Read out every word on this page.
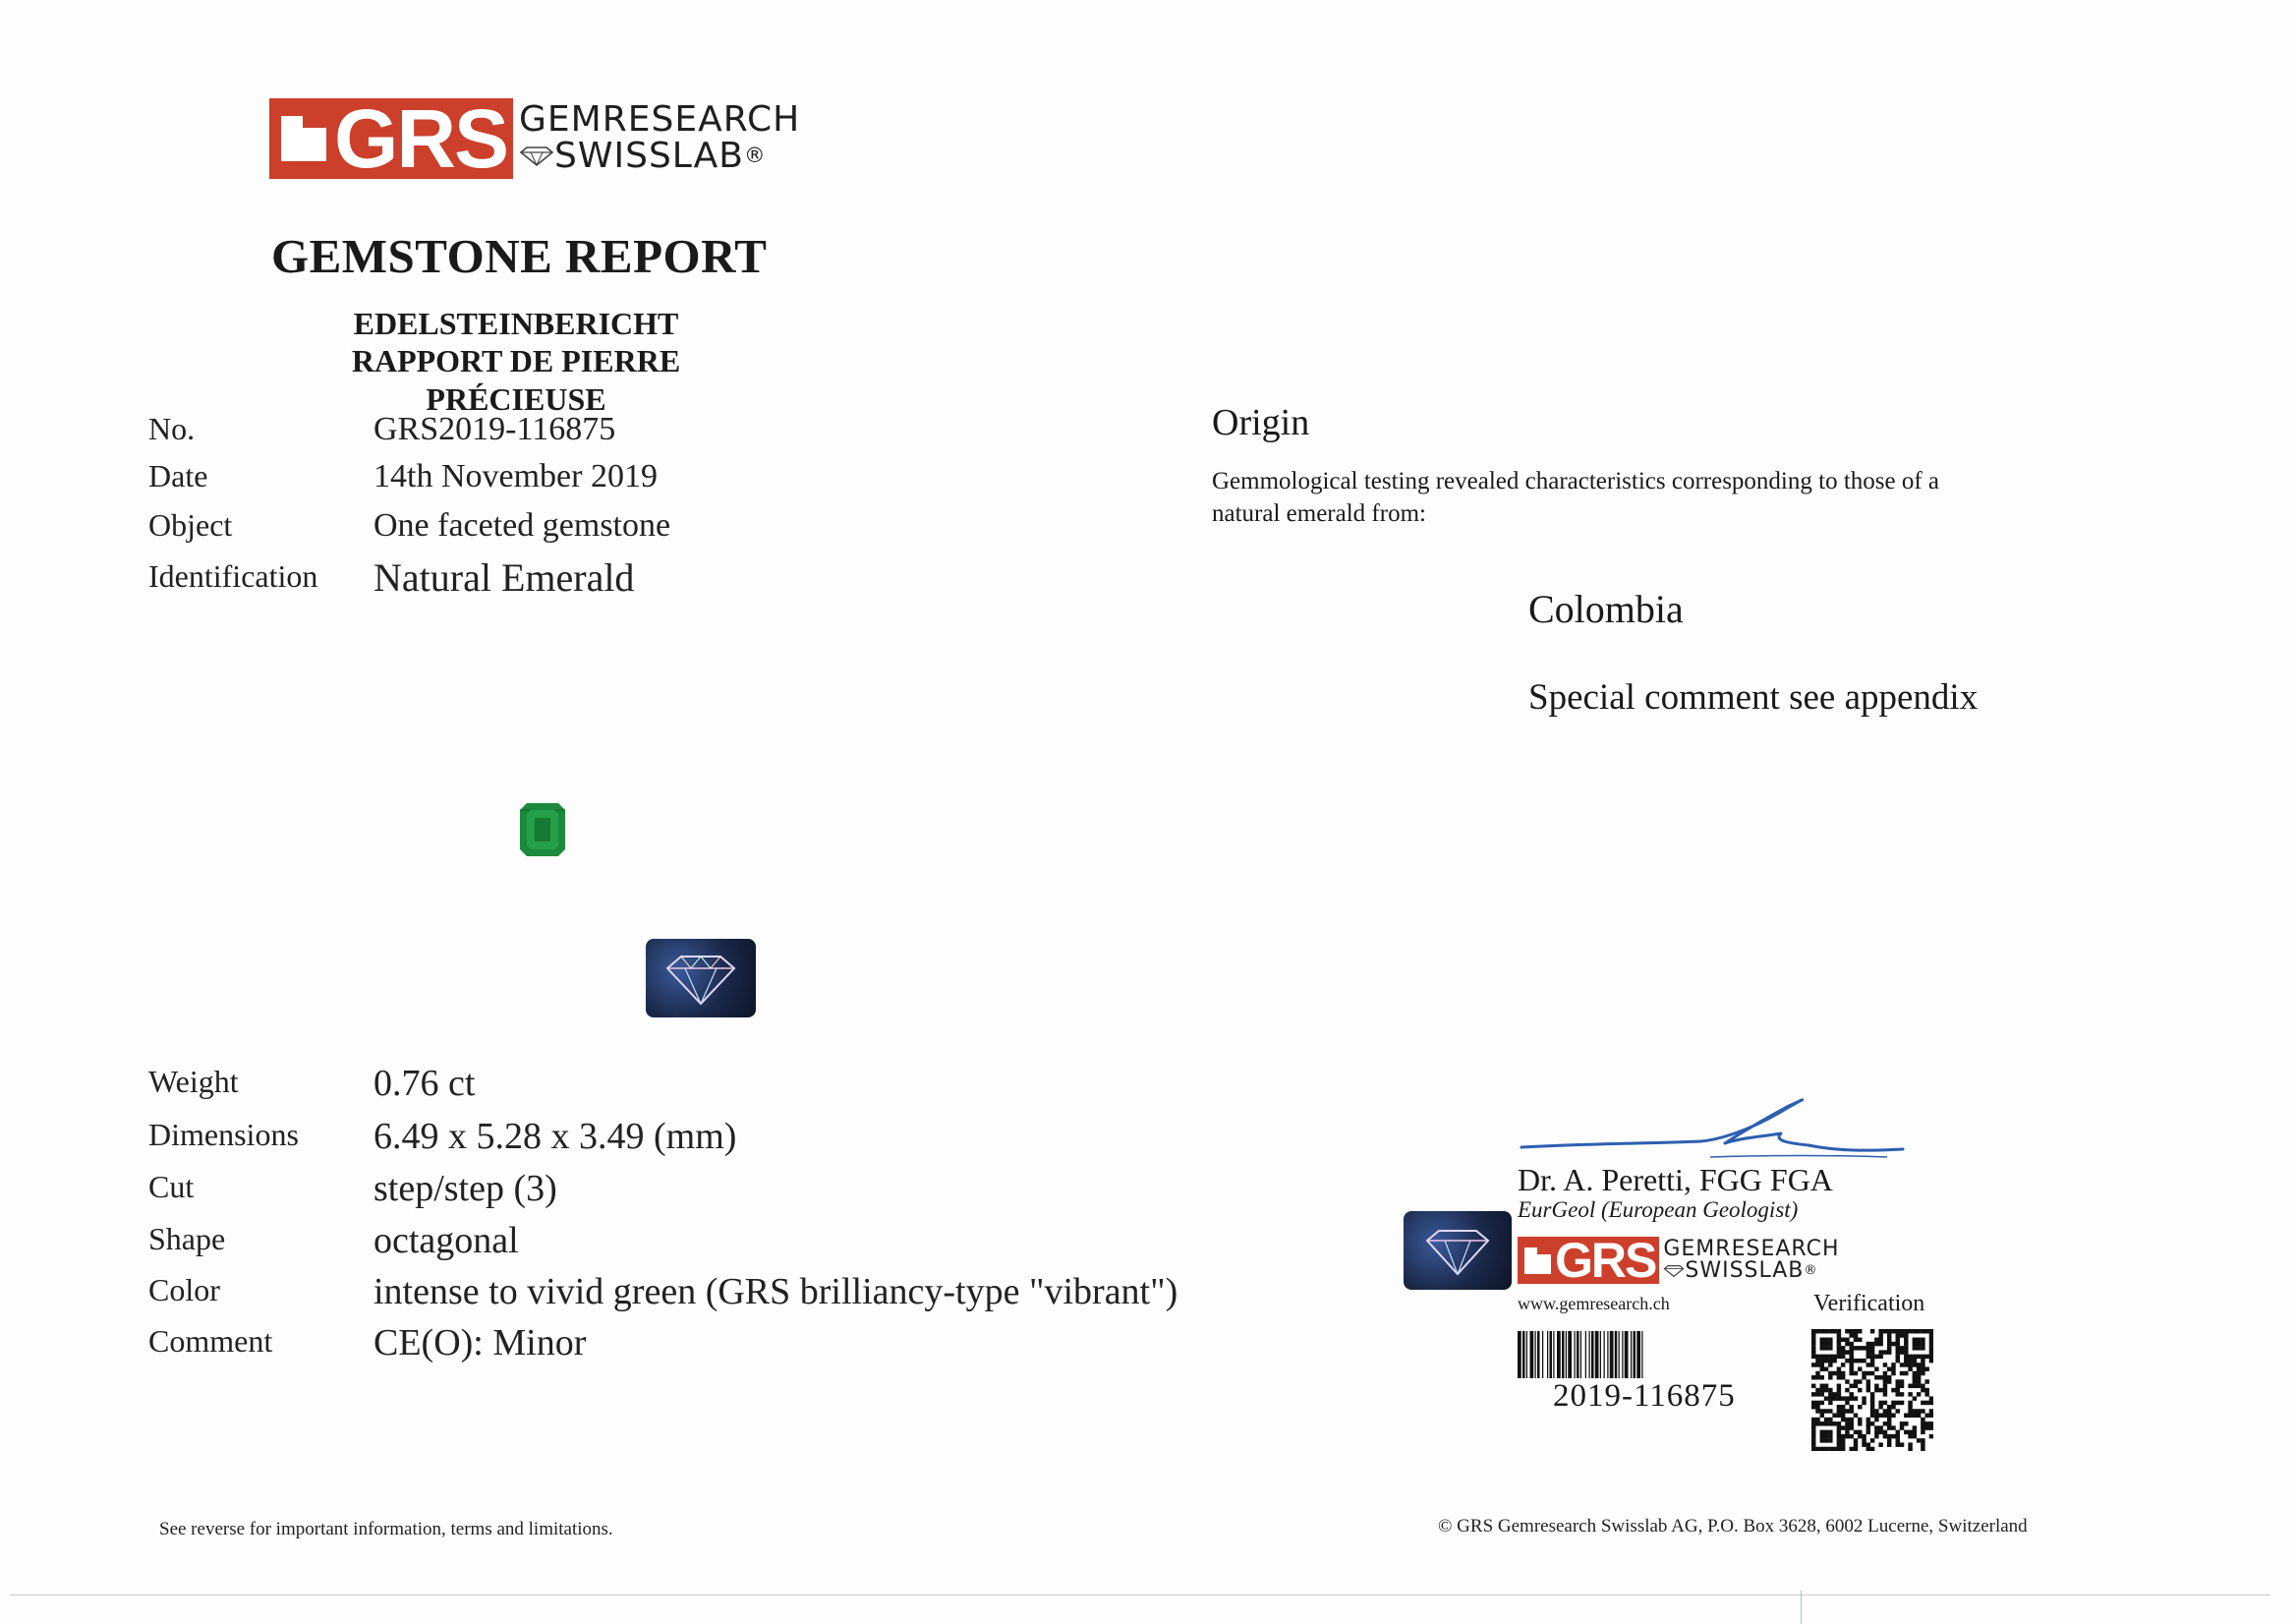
GRS GEMRESEARCH
SWISSLAB ®
GEMSTONE REPORT
EDELSTEINBERICHT
RAPPORT DE PIERRE PRÉCIEUSE
No.	GRS2019-116875
Date	14th November 2019
Object	One faceted gemstone
Identification Natural Emerald
Origin
Gemmological testing revealed characteristics corresponding to those of a natural emerald from:
Colombia
Special comment see appendix
Weight	0.76 ct
Dimensions 6.49 x 5.28 x 3.49 (mm)
Cut	step/step (3)
Shape	octagonal
Color	intense to vivid green (GRS brilliancy-type "vibrant")
Comment	CE(O): Minor
Dr. A. Peretti, FGG FGA
EurGeol (European Geologist)
GRS GEMRESEARCH
SWISSLAB ®
www.gemresearch.ch	Verification
2019-116875
See reverse for important information, terms and limitations.	© GRS Gemresearch Swisslab AG, P.O. Box 3628, 6002 Lucerne, Switzerland
